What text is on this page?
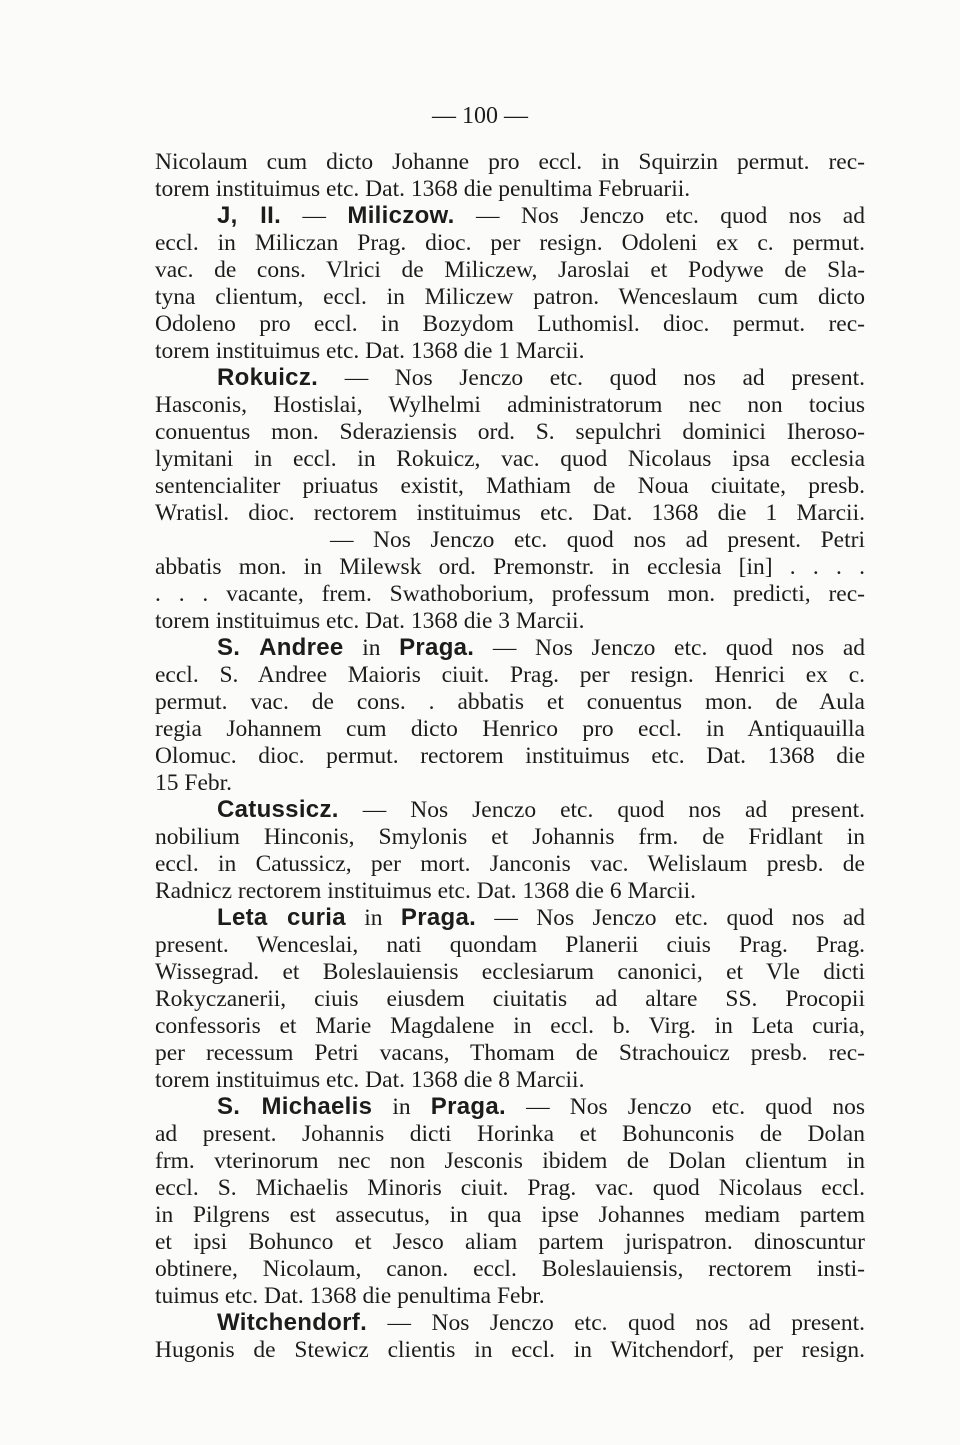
— 100 —
Nicolaum cum dicto Johanne pro eccl. in Squirzin permut. rec-
torem instituimus etc. Dat. 1368 die penultima Februarii.
J, II. — Miliczow. — Nos Jenczo etc. quod nos ad
eccl. in Miliczan Prag. dioc. per resign. Odoleni ex c. permut.
vac. de cons. Vlrici de Miliczew, Jaroslai et Podywe de Sla-
tyna clientum, eccl. in Miliczew patron. Wenceslaum cum dicto
Odoleno pro eccl. in Bozydom Luthomisl. dioc. permut. rec-
torem instituimus etc. Dat. 1368 die 1 Marcii.
Rokuicz. — Nos Jenczo etc. quod nos ad present.
Hasconis, Hostislai, Wylhelmi administratorum nec non tocius
conuentus mon. Sderaziensis ord. S. sepulchri dominici Iheroso-
lymitani in eccl. in Rokuicz, vac. quod Nicolaus ipsa ecclesia
sentencialiter priuatus existit, Mathiam de Noua ciuitate, presb.
Wratisl. dioc. rectorem instituimus etc. Dat. 1368 die 1 Marcii.
— Nos Jenczo etc. quod nos ad present. Petri
abbatis mon. in Milewsk ord. Premonstr. in ecclesia [in] . . . .
. . . vacante, frem. Swathoborium, professum mon. predicti, rec-
torem instituimus etc. Dat. 1368 die 3 Marcii.
S. Andree in Praga. — Nos Jenczo etc. quod nos ad
eccl. S. Andree Maioris ciuit. Prag. per resign. Henrici ex c.
permut. vac. de cons. . abbatis et conuentus mon. de Aula
regia Johannem cum dicto Henrico pro eccl. in Antiquauilla
Olomuc. dioc. permut. rectorem instituimus etc. Dat. 1368 die
15 Febr.
Catussicz. — Nos Jenczo etc. quod nos ad present.
nobilium Hinconis, Smylonis et Johannis frm. de Fridlant in
eccl. in Catussicz, per mort. Janconis vac. Welislaum presb. de
Radnicz rectorem instituimus etc. Dat. 1368 die 6 Marcii.
Leta curia in Praga. — Nos Jenczo etc. quod nos ad
present. Wenceslai, nati quondam Planerii ciuis Prag. Prag.
Wissegrad. et Boleslauiensis ecclesiarum canonici, et Vle dicti
Rokyczanerii, ciuis eiusdem ciuitatis ad altare SS. Procopii
confessoris et Marie Magdalene in eccl. b. Virg. in Leta curia,
per recessum Petri vacans, Thomam de Strachouicz presb. rec-
torem instituimus etc. Dat. 1368 die 8 Marcii.
S. Michaelis in Praga. — Nos Jenczo etc. quod nos
ad present. Johannis dicti Horinka et Bohunconis de Dolan
frm. vterinorum nec non Jesconis ibidem de Dolan clientum in
eccl. S. Michaelis Minoris ciuit. Prag. vac. quod Nicolaus eccl.
in Pilgrens est assecutus, in qua ipse Johannes mediam partem
et ipsi Bohunco et Jesco aliam partem jurispatron. dinoscuntur
obtinere, Nicolaum, canon. eccl. Boleslauiensis, rectorem insti-
tuimus etc. Dat. 1368 die penultima Febr.
Witchendorf. — Nos Jenczo etc. quod nos ad present.
Hugonis de Stewicz clientis in eccl. in Witchendorf, per resign.
